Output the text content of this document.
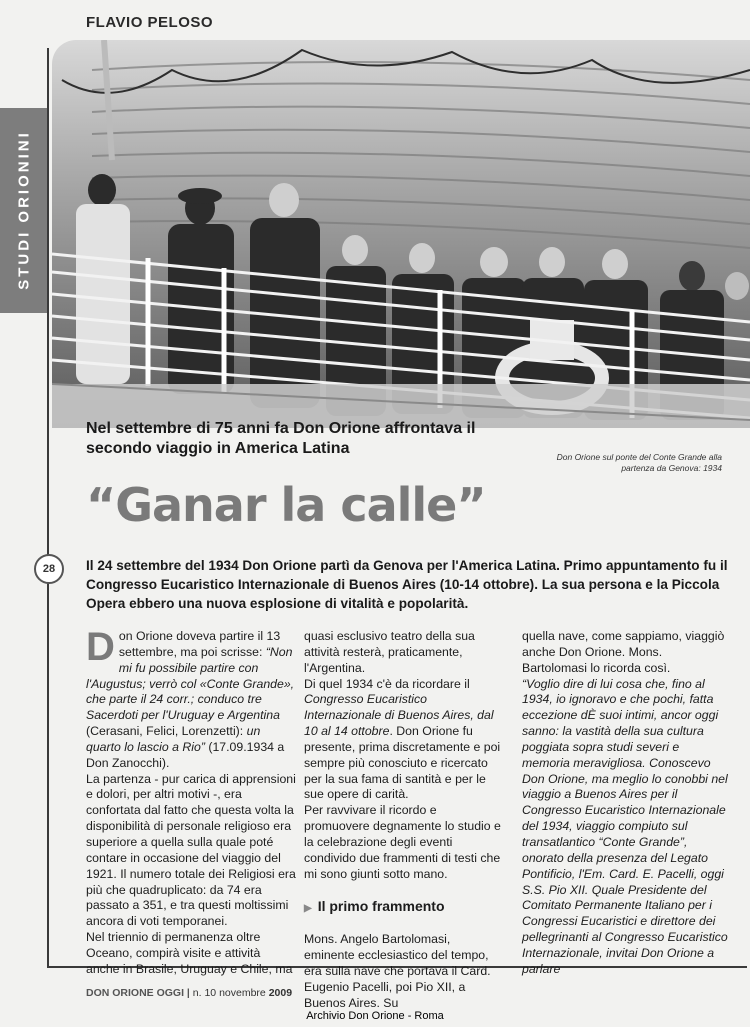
FLAVIO PELOSO
STUDI ORIONINI
Nel settembre di 75 anni fa Don Orione affrontava il secondo viaggio in America Latina	Don Orione sul ponte del Conte Grande alla partenza da Genova: 1934
“Ganar la calle”
28	Il 24 settembre del 1934 Don Orione partì da Genova per l'America Latina. Primo appuntamento fu il Congresso Eucaristico Internazionale di Buenos Aires (10-14 ottobre). La sua persona e la Piccola Opera ebbero una nuova esplosione di vitalità e popolarità.

Don Orione doveva partire il 13 settembre, ma poi scrisse: “Non mi fu possibile partire con l'Augustus; verrò col «Conte Grande», che parte il 24 corr.; conduco tre Sacerdoti per l'Uruguay e Argentina (Cerasani, Felici, Lorenzetti): un quarto lo lascio a Rio” (17.09.1934 a Don Zanocchi).

La partenza - pur carica di apprensioni e dolori, per altri motivi -, era confortata dal fatto che questa volta la disponibilità di personale religioso era superiore a quella sulla quale poté contare in occasione del viaggio del 1921. Il numero totale dei Religiosi era più che quadruplicato: da 74 era passato a 351, e tra questi moltissimi ancora di voti temporanei.

Nel triennio di permanenza oltre Oceano, compirà visite e attività anche in Brasile, Uruguay e Chile, ma

quasi esclusivo teatro della sua attività resterà, praticamente, l'Argentina.

Di quel 1934 c'è da ricordare il Congresso Eucaristico Internazionale di Buenos Aires, dal 10 al 14 ottobre. Don Orione fu presente, prima discretamente e poi sempre più conosciuto e ricercato per la sua fama di santità e per le sue opere di carità.

Per ravvivare il ricordo e promuovere degnamente lo studio e la celebrazione degli eventi condivido due frammenti di testi che mi sono giunti sotto mano.

▶ Il primo frammento

Mons. Angelo Bartolomasi, eminente ecclesiastico del tempo, era sulla nave che portava il Card. Eugenio Pacelli, poi Pio XII, a Buenos Aires. Su

quella nave, come sappiamo, viaggiò anche Don Orione. Mons. Bartolomasi lo ricorda così.

“Voglio dire di lui cosa che, fino al 1934, io ignoravo e che pochi, fatta eccezione dÈ suoi intimi, ancor oggi sanno: la vastità della sua cultura poggiata sopra studi severi e memoria meravigliosa. Conoscevo Don Orione, ma meglio lo conobbi nel viaggio a Buenos Aires per il Congresso Eucaristico Internazionale del 1934, viaggio compiuto sul transatlantico “Conte Grande”, onorato della presenza del Legato Pontificio, l'Em. Card. E. Pacelli, oggi S.S. Pio XII. Quale Presidente del Comitato Permanente Italiano per i Congressi Eucaristici e direttore dei pellegrinanti al Congresso Eucaristico Internazionale, invitai Don Orione a parlare

DON ORIONE OGGI | n. 10 novembre 2009
Archivio Don Orione - Roma
